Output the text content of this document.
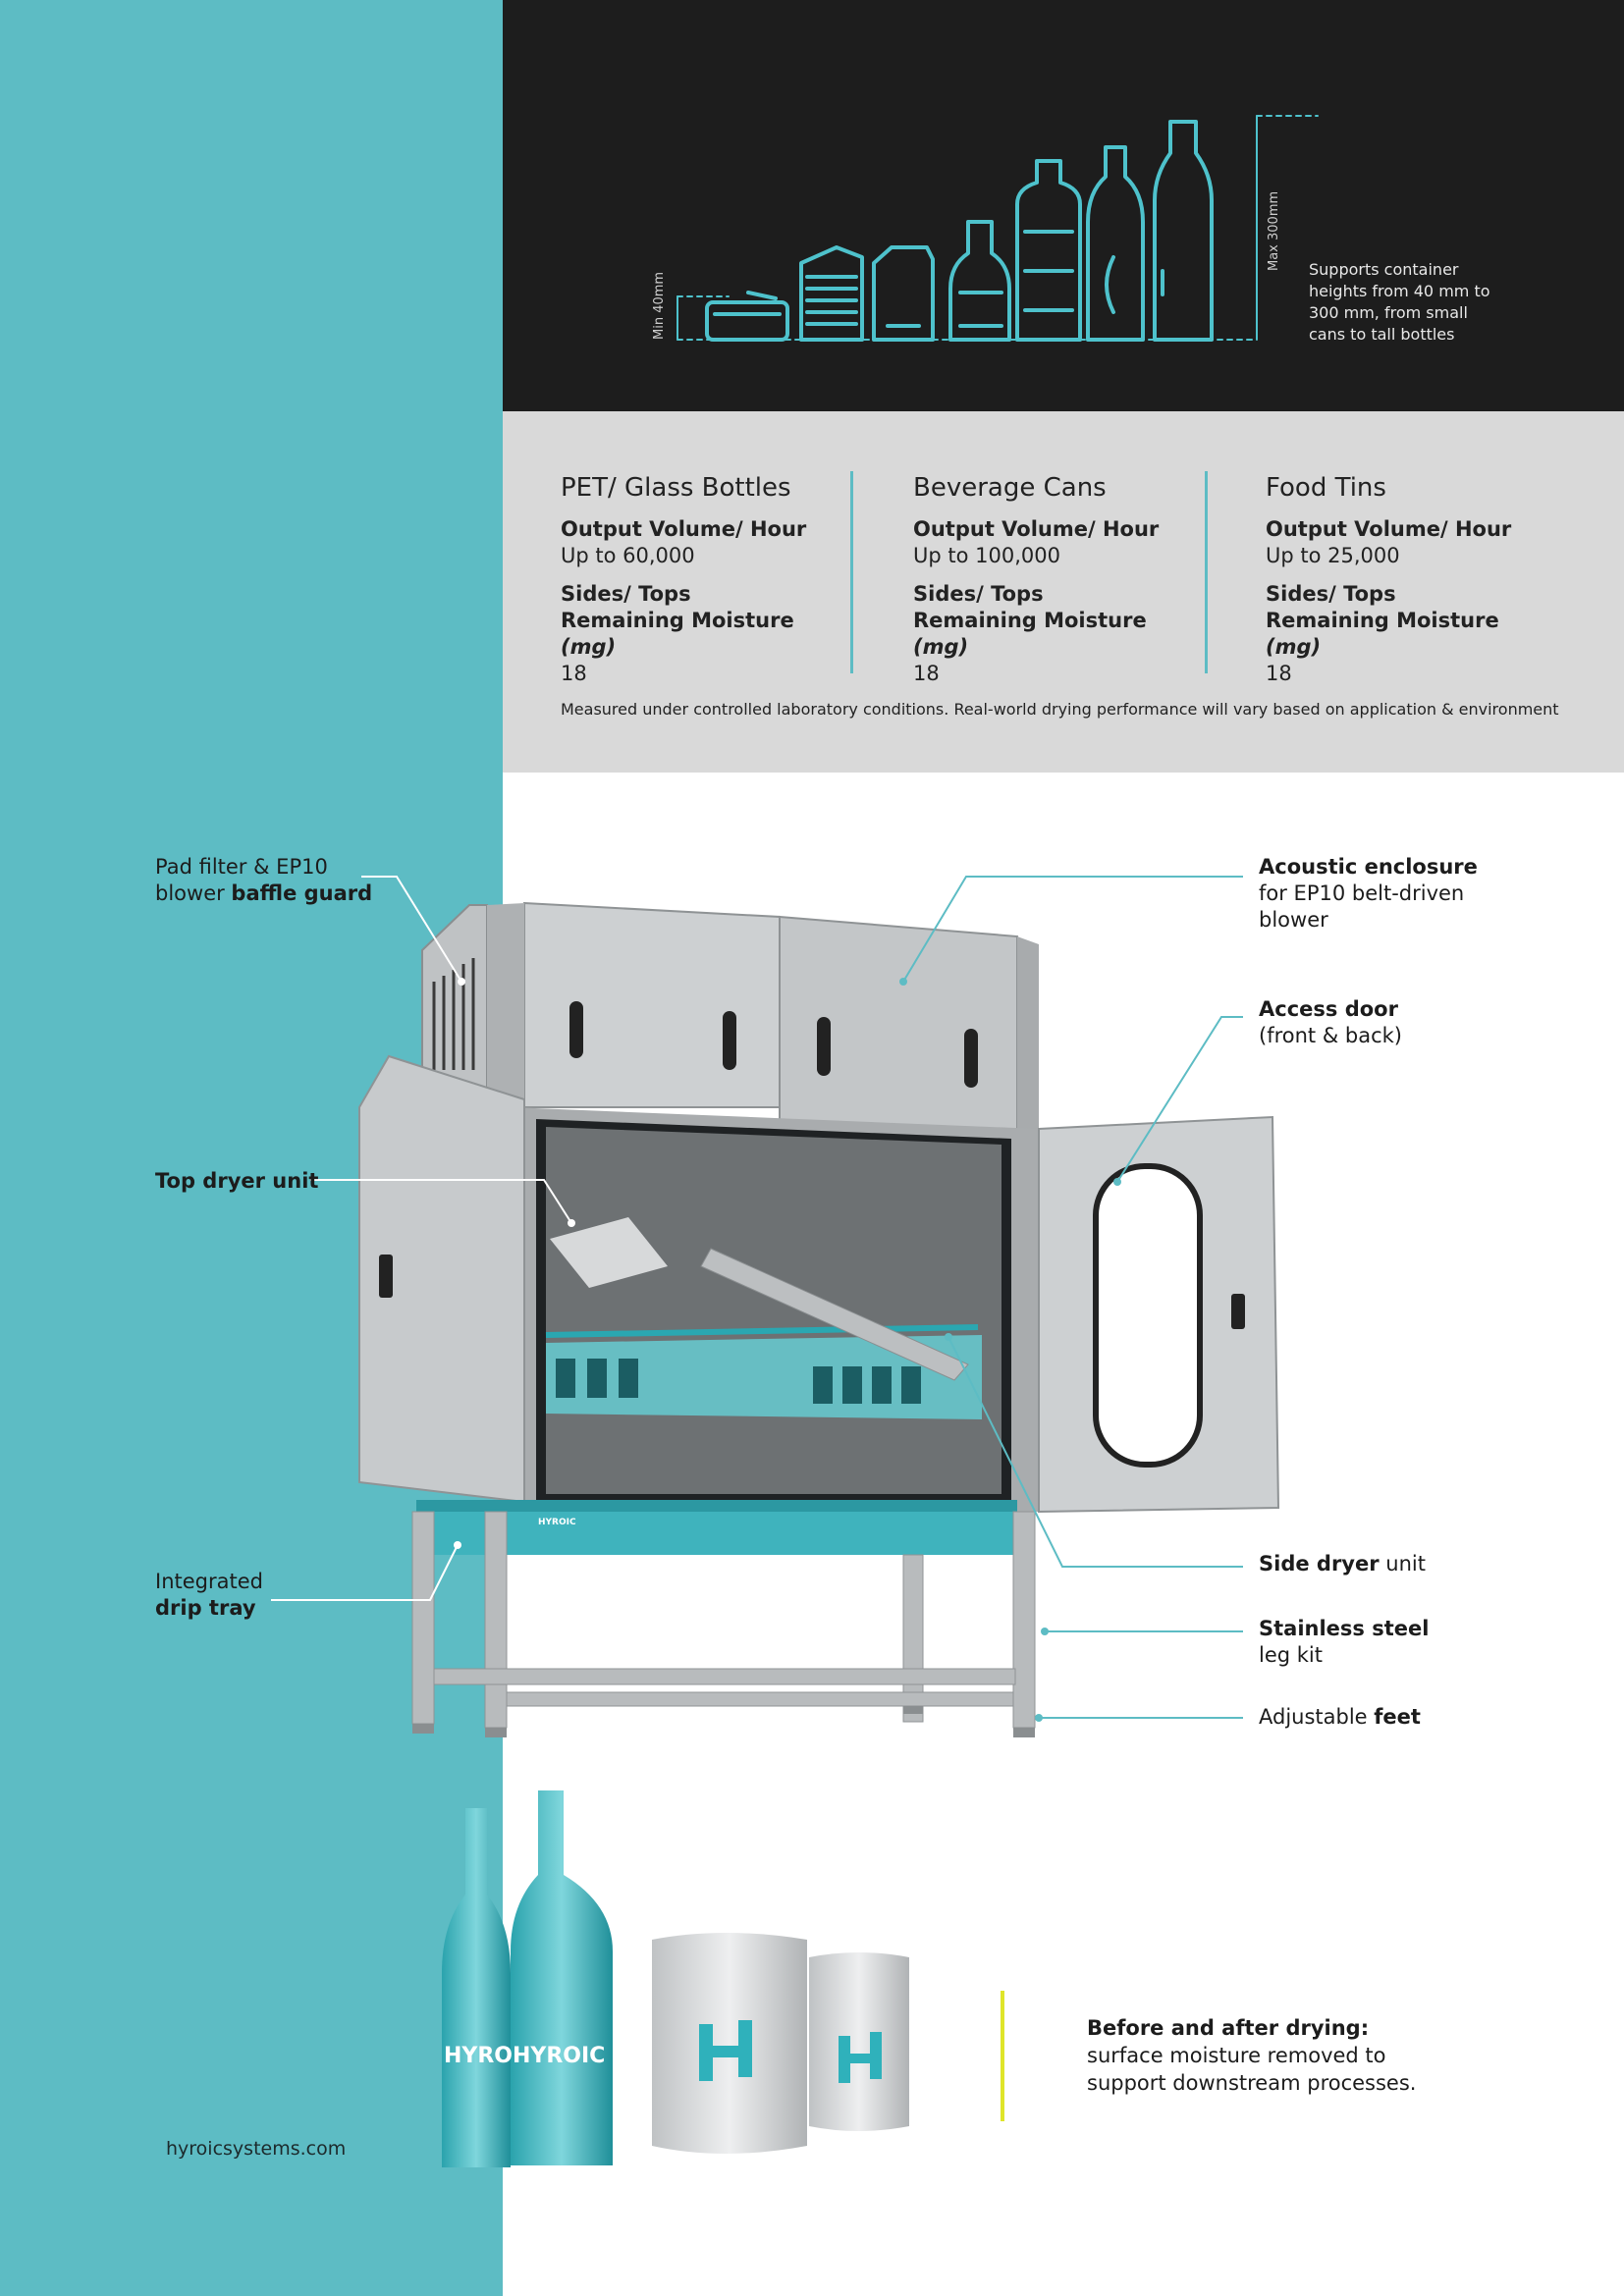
Min 40mm
Max 300mm Supports container heights from 40 mm to 300 mm, from small cans to tall bottles
PET/ Glass Bottles
Output Volume/ Hour
Up to 60,000
Sides/ Tops
Remaining Moisture (mg)
18
Beverage Cans
Output Volume/ Hour
Up to 100,000
Sides/ Tops
Remaining Moisture (mg)
18
Food Tins
Output Volume/ Hour
Up to 25,000
Sides/ Tops
Remaining Moisture (mg)
18
Measured under controlled laboratory conditions. Real-world drying performance will vary based on application & environment
HYROIC
HYROI
HYROIC
Pad filter & EP10
blower baffle guard
Top dryer unit
Integrated
drip tray
Acoustic enclosure
for EP10 belt-driven
blower
Access door
(front & back)
Side dryer unit
Stainless steel
leg kit
Adjustable feet
Before and after drying:
surface moisture removed to
support downstream processes.
hyroicsystems.com
